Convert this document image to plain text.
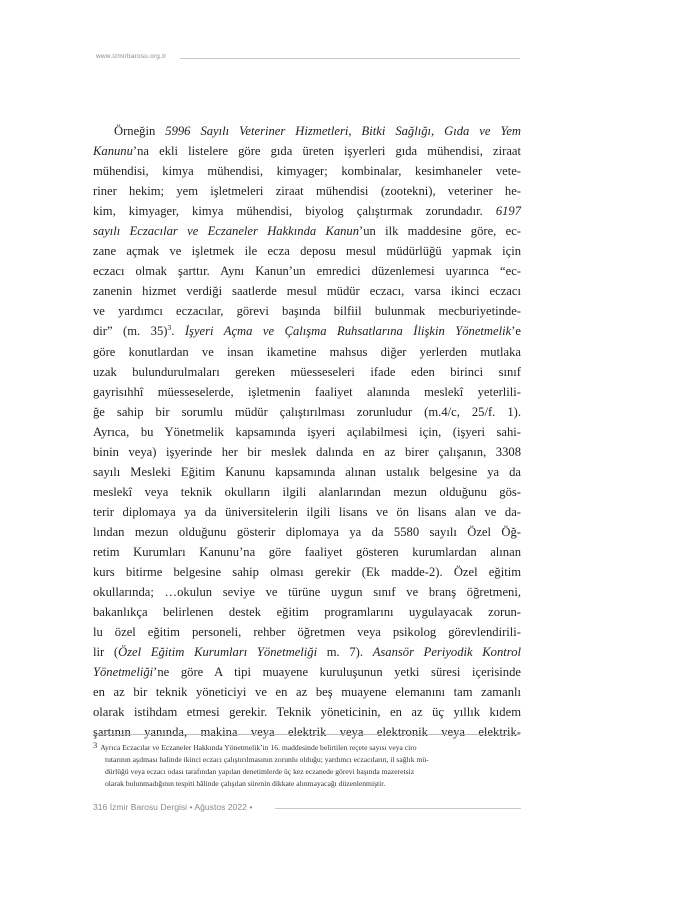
www.izmirbarosu.org.tr
Örneğin 5996 Sayılı Veteriner Hizmetleri, Bitki Sağlığı, Gıda ve Yem
Kanunu’na ekli listelere göre gıda üreten işyerleri gıda mühendisi, ziraat
mühendisi, kimya mühendisi, kimyager; kombinalar, kesimhaneler vete-
riner hekim; yem işletmeleri ziraat mühendisi (zootekni), veteriner he-
kim, kimyager, kimya mühendisi, biyolog çalıştırmak zorundadır. 6197
sayılı Eczacılar ve Eczaneler Hakkında Kanun’un ilk maddesine göre, ec-
zane açmak ve işletmek ile ecza deposu mesul müdürlüğü yapmak için
eczacı olmak şarttır. Aynı Kanun’un emredici düzenlemesi uyarınca “ec-
zanenin hizmet verdiği saatlerde mesul müdür eczacı, varsa ikinci eczacı
ve yardımcı eczacılar, görevi başında bilfiil bulunmak mecburiyetinde-
dir” (m. 35)$^3$. İşyeri Açma ve Çalışma Ruhsatlarına İlişkin Yönetmelik’e
göre konutlardan ve insan ikametine mahsus diğer yerlerden mutlaka
uzak bulundurulmaları gereken müesseseleri ifade eden birinci sınıf
gayrisıhhî müesseselerde, işletmenin faaliyet alanında meslekî yeterlili-
ğe sahip bir sorumlu müdür çalıştırılması zorunludur (m.4/c, 25/f. 1).
Ayrıca, bu Yönetmelik kapsamında işyeri açılabilmesi için, (işyeri sahi-
binin veya) işyerinde her bir meslek dalında en az birer çalışanın, 3308
sayılı Mesleki Eğitim Kanunu kapsamında alınan ustalık belgesine ya da
meslekî veya teknik okulların ilgili alanlarından mezun olduğunu gös-
terir diplomaya ya da üniversitelerin ilgili lisans ve ön lisans alan ve da-
lından mezun olduğunu gösterir diplomaya ya da 5580 sayılı Özel Öğ-
retim Kurumları Kanunu’na göre faaliyet gösteren kurumlardan alınan
kurs bitirme belgesine sahip olması gerekir (Ek madde-2). Özel eğitim
okullarında; …okulun seviye ve türüne uygun sınıf ve branş öğretmeni,
bakanlıkça belirlenen destek eğitim programlarını uygulayacak zorun-
lu özel eğitim personeli, rehber öğretmen veya psikolog görevlendirili-
lir (Özel Eğitim Kurumları Yönetmeliği m. 7). Asansör Periyodik Kontrol
Yönetmeliği’ne göre A tipi muayene kuruluşunun yetki süresi içerisinde
en az bir teknik yöneticiyi ve en az beş muayene elemanını tam zamanlı
olarak istihdam etmesi gerekir. Teknik yöneticinin, en az üç yıllık kıdem
şartının yanında, makina veya elektrik veya elektronik veya elektrik-
3 Ayrıca Eczacılar ve Eczaneler Hakkında Yönetmelik’in 16. maddesinde belirtilen reçete sayısı veya ciro
tutarının aşılması halinde ikinci eczacı çalıştırılmasının zorunlu olduğu; yardımcı eczacıların, il sağlık mü-
dürlüğü veya eczacı odası tarafından yapılan denetimlerde üç kez eczanede görevi başında mazeretsiz
olarak bulunmadığının tespiti hâlinde çalışılan sürenin dikkate alınmayacağı düzenlenmiştir.
316 İzmir Barosu Dergisi • Ağustos 2022 •
